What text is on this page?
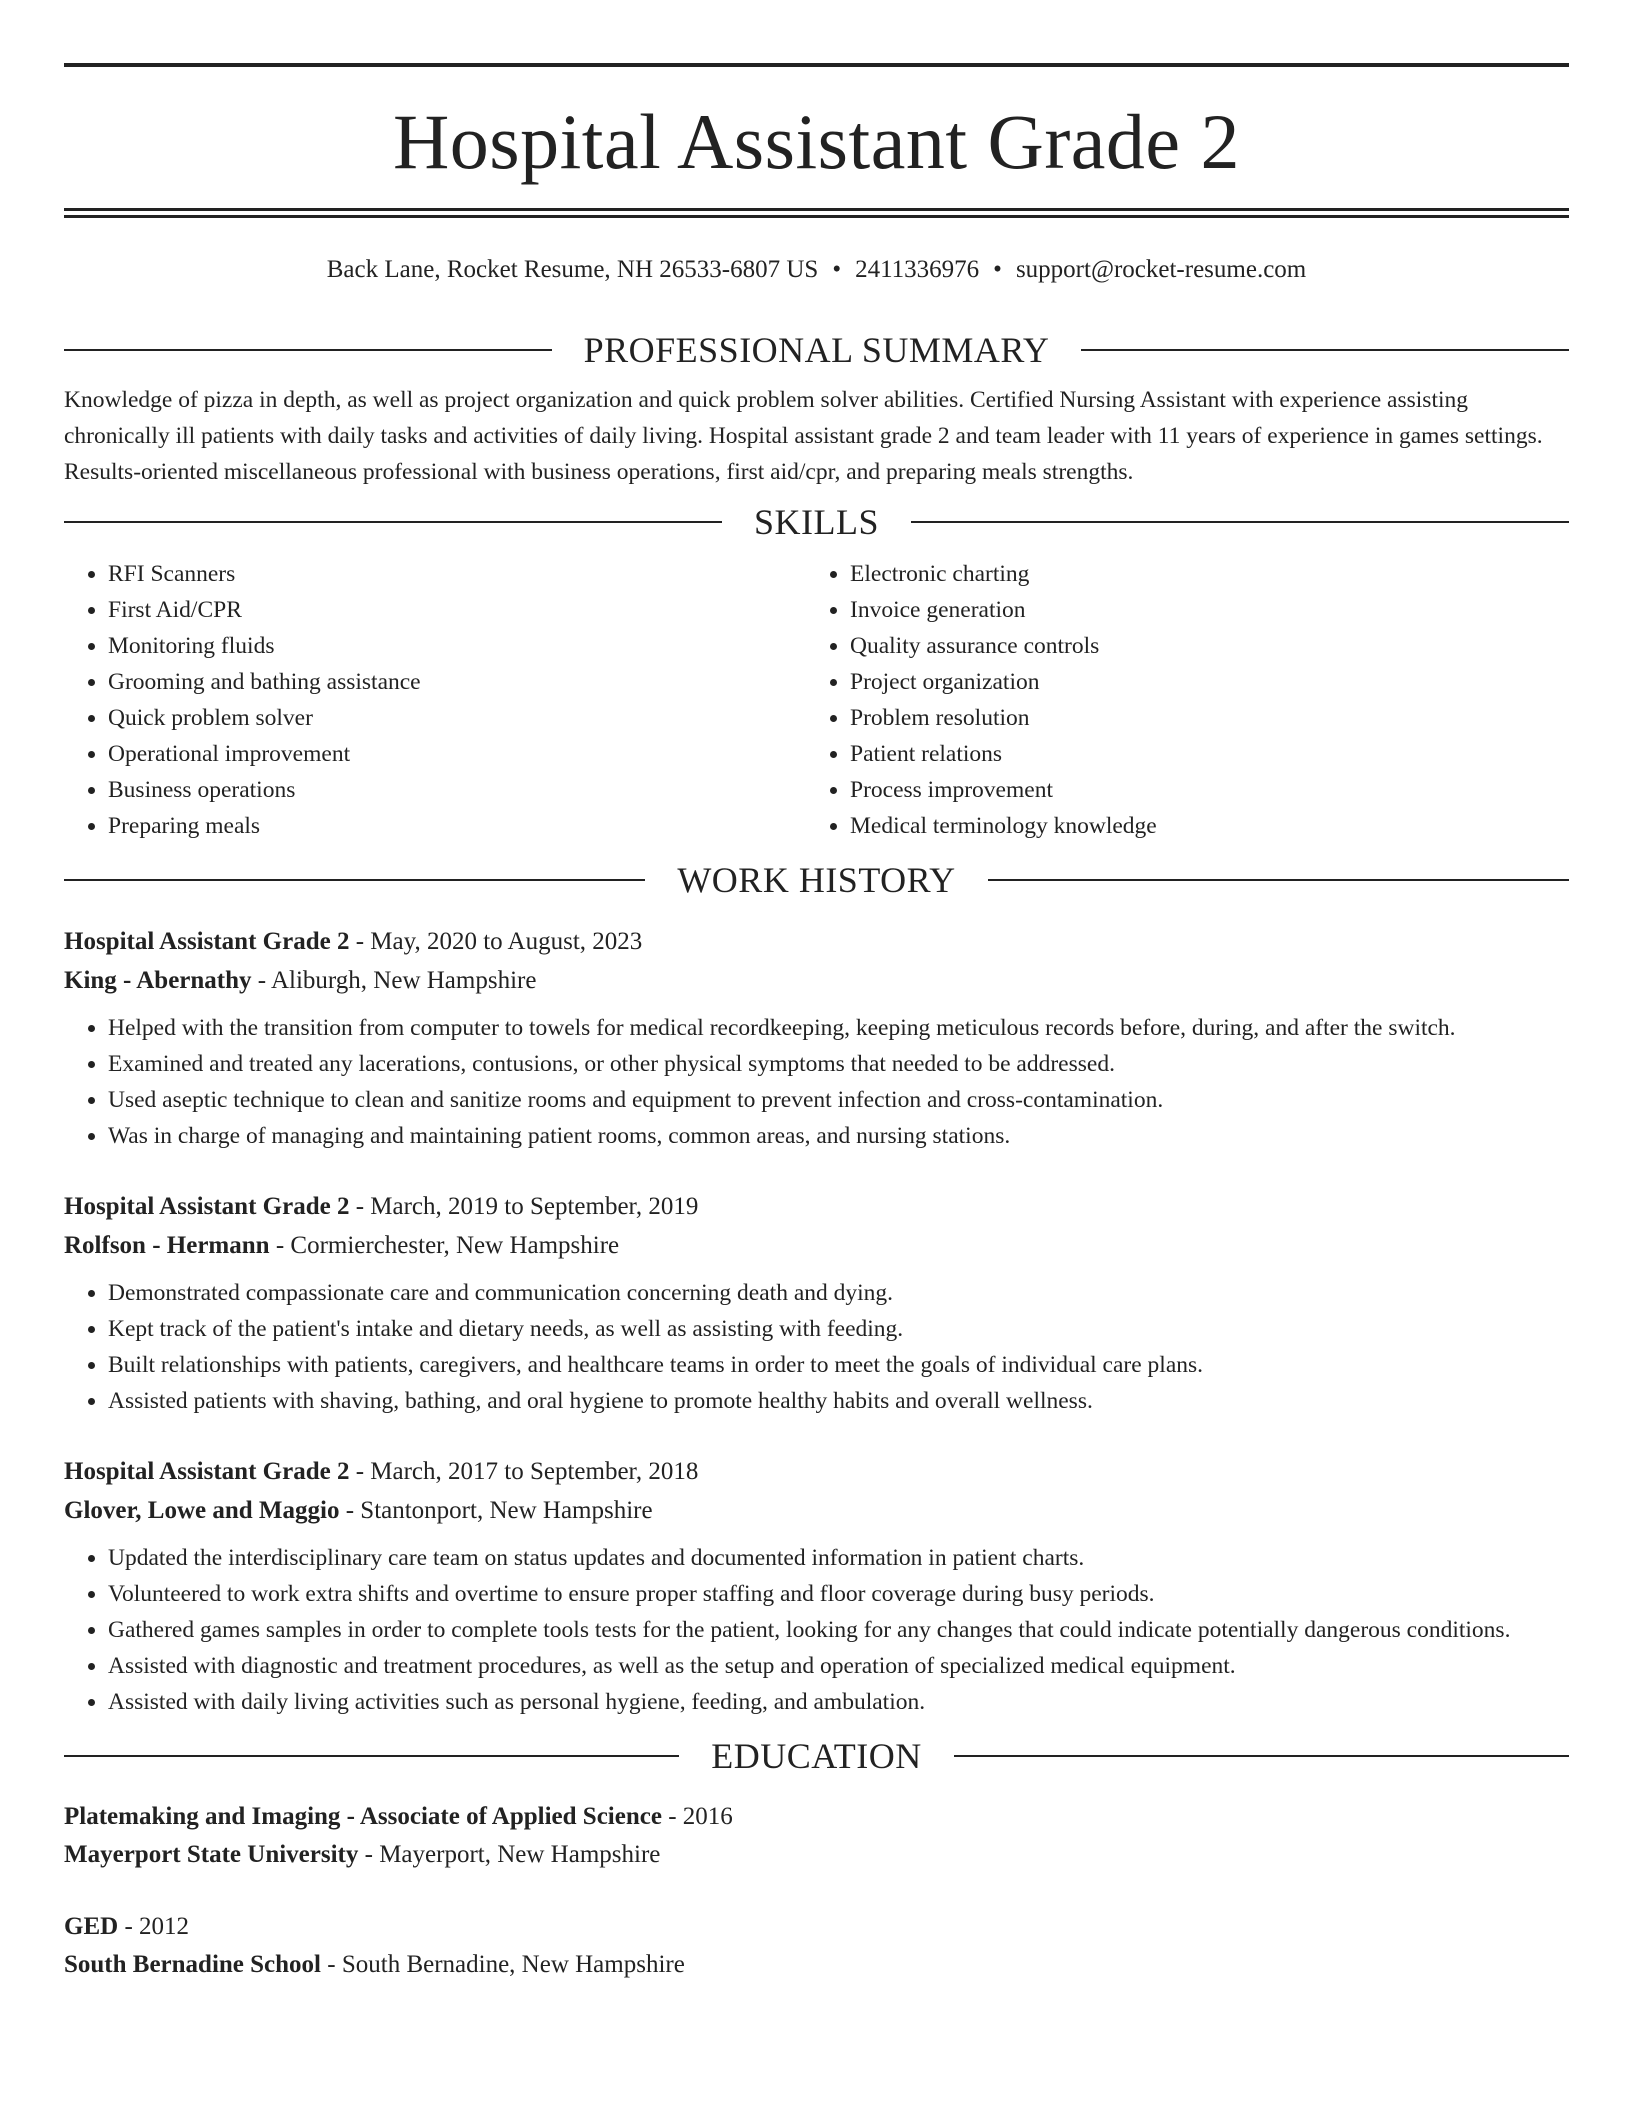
Hospital Assistant Grade 2
Back Lane, Rocket Resume, NH 26533-6807 US • 2411336976 • support@rocket-resume.com
PROFESSIONAL SUMMARY

Knowledge of pizza in depth, as well as project organization and quick problem solver abilities. Certified Nursing Assistant with experience assisting chronically ill patients with daily tasks and activities of daily living. Hospital assistant grade 2 and team leader with 11 years of experience in games settings. Results-oriented miscellaneous professional with business operations, first aid/cpr, and preparing meals strengths.

SKILLS
• RFI Scanners
• First Aid/CPR
• Monitoring fluids
• Grooming and bathing assistance
• Quick problem solver
• Operational improvement
• Business operations
• Preparing meals
• Electronic charting
• Invoice generation
• Quality assurance controls
• Project organization
• Problem resolution
• Patient relations
• Process improvement
• Medical terminology knowledge
WORK HISTORY
Hospital Assistant Grade 2 - May, 2020 to August, 2023
King - Abernathy - Aliburgh, New Hampshire
• Helped with the transition from computer to towels for medical recordkeeping, keeping meticulous records before, during, and after the switch.
• Examined and treated any lacerations, contusions, or other physical symptoms that needed to be addressed.
• Used aseptic technique to clean and sanitize rooms and equipment to prevent infection and cross-contamination.
• Was in charge of managing and maintaining patient rooms, common areas, and nursing stations.
Hospital Assistant Grade 2 - March, 2019 to September, 2019
Rolfson - Hermann - Cormierchester, New Hampshire
• Demonstrated compassionate care and communication concerning death and dying.
• Kept track of the patient's intake and dietary needs, as well as assisting with feeding.
• Built relationships with patients, caregivers, and healthcare teams in order to meet the goals of individual care plans.
• Assisted patients with shaving, bathing, and oral hygiene to promote healthy habits and overall wellness.
Hospital Assistant Grade 2 - March, 2017 to September, 2018
Glover, Lowe and Maggio - Stantonport, New Hampshire
• Updated the interdisciplinary care team on status updates and documented information in patient charts.
• Volunteered to work extra shifts and overtime to ensure proper staffing and floor coverage during busy periods.
• Gathered games samples in order to complete tools tests for the patient, looking for any changes that could indicate potentially dangerous conditions.
• Assisted with diagnostic and treatment procedures, as well as the setup and operation of specialized medical equipment.
• Assisted with daily living activities such as personal hygiene, feeding, and ambulation.
EDUCATION
Platemaking and Imaging - Associate of Applied Science - 2016
Mayerport State University - Mayerport, New Hampshire
GED - 2012
South Bernadine School - South Bernadine, New Hampshire
